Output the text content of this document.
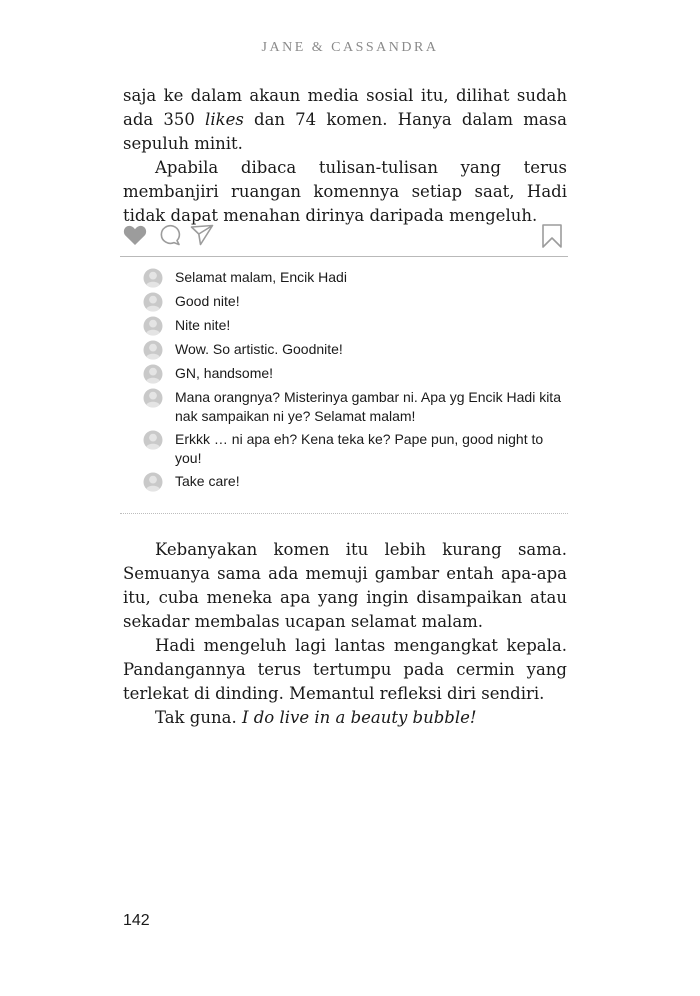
JANE & CASSANDRA

saja ke dalam akaun media sosial itu, dilihat sudah ada 350 likes dan 74 komen. Hanya dalam masa sepuluh minit.

Apabila dibaca tulisan-tulisan yang terus membanjiri ruangan komennya setiap saat, Hadi tidak dapat menahan dirinya daripada mengeluh.

Selamat malam, Encik Hadi
Good nite!
Nite nite!
Wow. So artistic. Goodnite!
GN, handsome!
Mana orangnya? Misterinya gambar ni. Apa yg Encik Hadi kita nak sampaikan ni ye? Selamat malam!
Erkkk … ni apa eh? Kena teka ke? Pape pun, good night to you!
Take care!

Kebanyakan komen itu lebih kurang sama. Semuanya sama ada memuji gambar entah apa-apa itu, cuba meneka apa yang ingin disampaikan atau sekadar membalas ucapan selamat malam.

Hadi mengeluh lagi lantas mengangkat kepala. Pandangannya terus tertumpu pada cermin yang terlekat di dinding. Memantul refleksi diri sendiri.

Tak guna. I do live in a beauty bubble!

142
